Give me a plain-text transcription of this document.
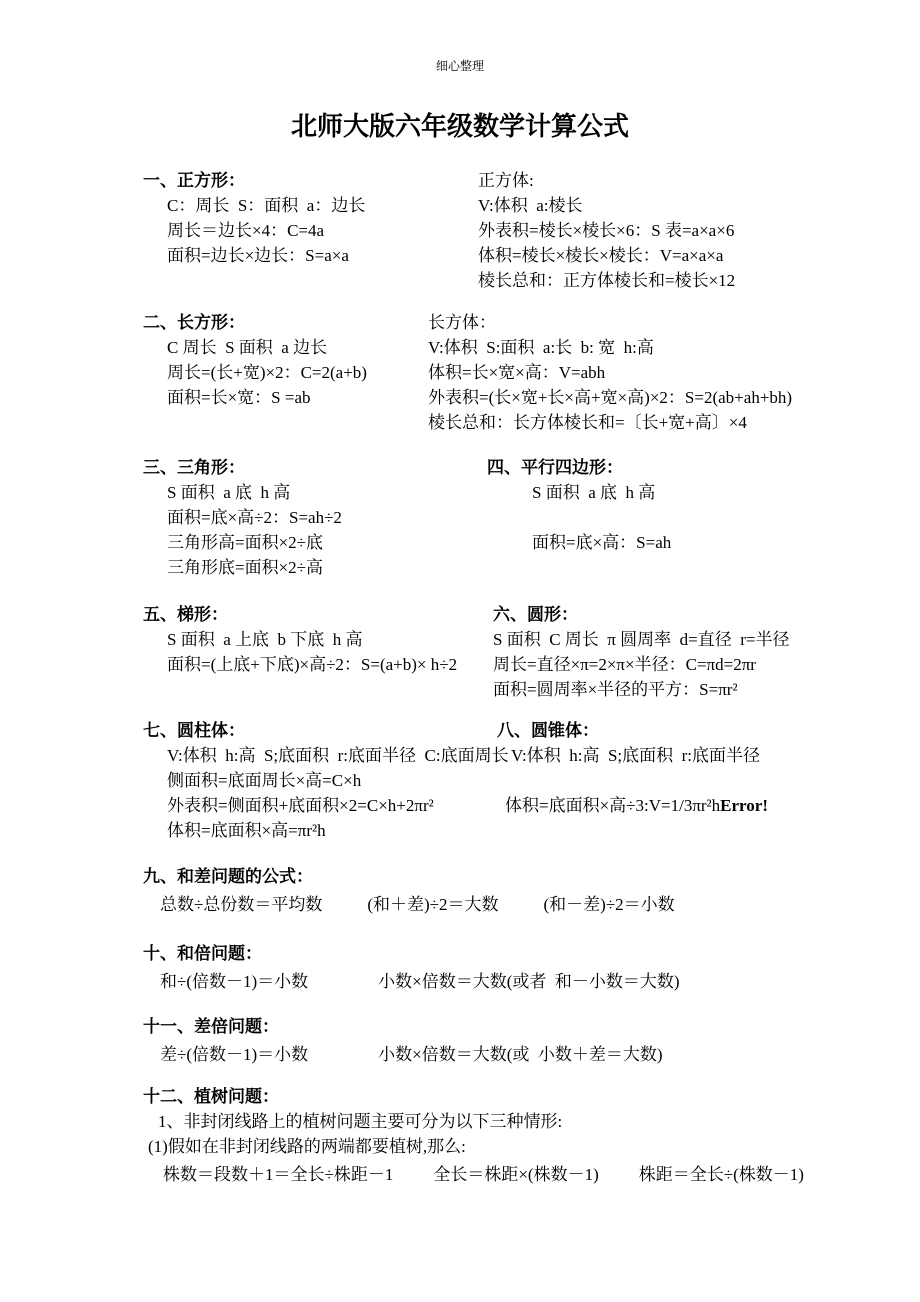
细心整理
北师大版六年级数学计算公式
一、正方形：
C：周长  S：面积  a：边长
周长＝边长×4：C=4a
面积=边长×边长：S=a×a
正方体:
V:体积  a:棱长
外表积=棱长×棱长×6：S 表=a×a×6
体积=棱长×棱长×棱长：V=a×a×a
棱长总和：正方体棱长和=棱长×12
二、长方形：
C 周长  S 面积  a 边长
周长=(长+宽)×2：C=2(a+b)
面积=长×宽：S =ab
长方体：
V:体积  S:面积  a:长  b: 宽  h:高
体积=长×宽×高：V=abh
外表积=(长×宽+长×高+宽×高)×2：S=2(ab+ah+bh)
棱长总和：长方体棱长和=〔长+宽+高〕×4
三、三角形：
S 面积  a 底  h 高
面积=底×高÷2：S=ah÷2
三角形高=面积×2÷底
三角形底=面积×2÷高
四、平行四边形：
S 面积  a 底  h 高
面积=底×高：S=ah
五、梯形：
S 面积  a 上底  b 下底  h 高
面积=(上底+下底)×高÷2：S=(a+b)× h÷2
六、圆形：
S 面积  C 周长  π 圆周率  d=直径  r=半径
周长=直径×π=2×π×半径：C=πd=2πr
面积=圆周率×半径的平方：S=πr²
七、圆柱体：
V:体积  h:高  S;底面积  r:底面半径  C:底面周长
侧面积=底面周长×高=C×h
外表积=侧面积+底面积×2=C×h+2πr²
体积=底面积×高=πr²h
八、圆锥体：
V:体积  h:高  S;底面积  r:底面半径
体积=底面积×高÷3:V=1/3πr²hError!
九、和差问题的公式：
总数÷总份数＝平均数	(和＋差)÷2＝大数	(和－差)÷2＝小数
十、和倍问题：
和÷(倍数－1)＝小数	小数×倍数＝大数(或者  和－小数＝大数)
十一、差倍问题：
差÷(倍数－1)＝小数	小数×倍数＝大数(或  小数＋差＝大数)
十二、植树问题：
1、非封闭线路上的植树问题主要可分为以下三种情形:
(1)假如在非封闭线路的两端都要植树,那么:
株数＝段数＋1＝全长÷株距－1 全长＝株距×(株数－1) 株距＝全长÷(株数－1)
